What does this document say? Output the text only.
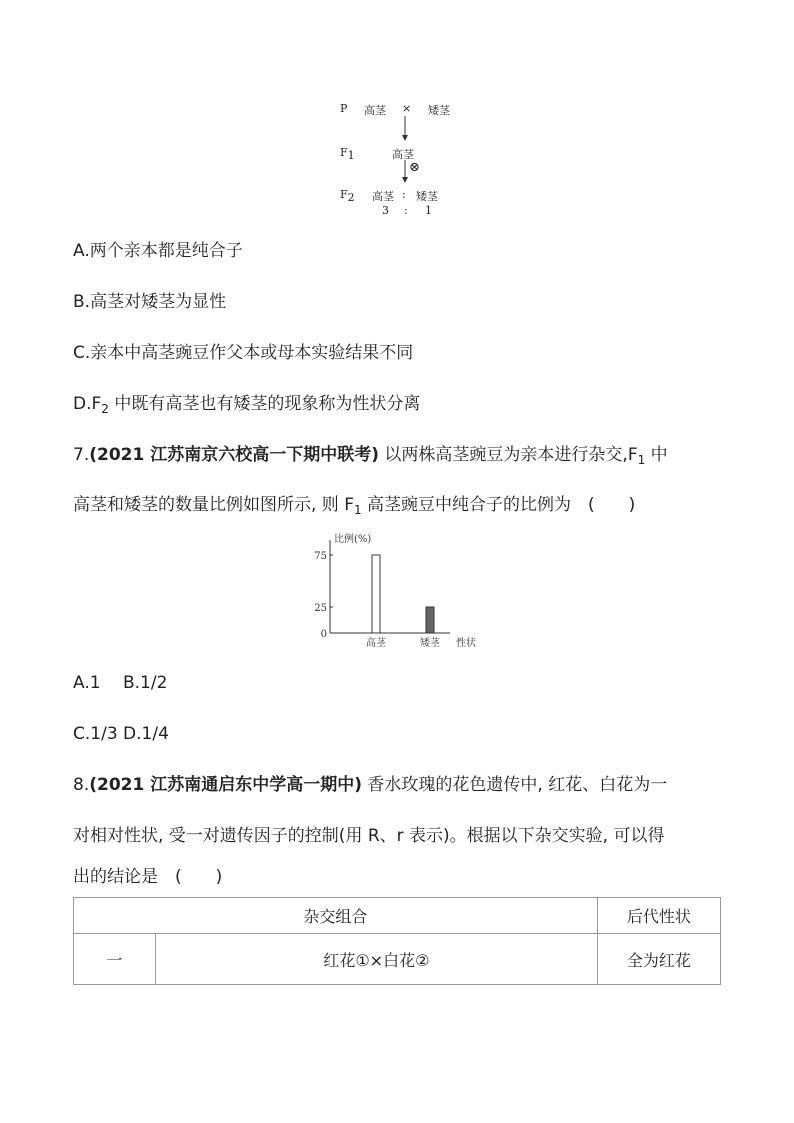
P 高茎 × 矮茎
F1	高茎
⊗
F2 高茎 : 矮茎
3 : 1
A.两个亲本都是纯合子
B.高茎对矮茎为显性
C.亲本中高茎豌豆作父本或母本实验结果不同
$D.F_2$ 中既有高茎也有矮茎的现象称为性状分离
7.(2021 江苏南京六校高一下期中联考) 以两株高茎豌豆为亲本进行杂交$,F_1$ 中
高茎和矮茎的数量比例如图所示, 则 $F_1$ 高茎豌豆中纯合子的比例为　(　　)
比例(%)
性状
0
25
75
高茎	矮茎
A.1　 B.1/2
C.1/3 D.1/4
8.(2021 江苏南通启东中学高一期中) 香水玫瑰的花色遗传中, 红花、白花为一
对相对性状, 受一对遗传因子的控制(用 R、r 表示)。根据以下杂交实验, 可以得
出的结论是　(　　)
杂交组合		后代性状
一	红花①×白花②	全为红花
